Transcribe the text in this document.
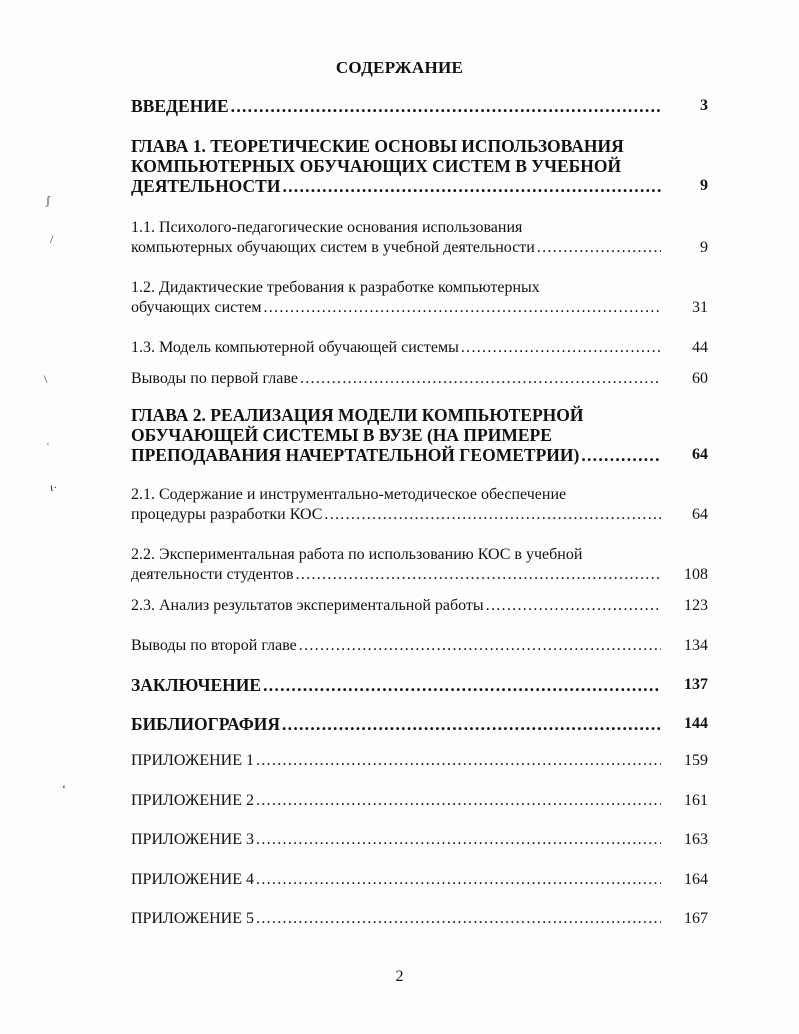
СОДЕРЖАНИЕ
ВВЕДЕНИЕ .....	3
ГЛАВА 1. ТЕОРЕТИЧЕСКИЕ ОСНОВЫ ИСПОЛЬЗОВАНИЯ
КОМПЬЮТЕРНЫХ ОБУЧАЮЩИХ СИСТЕМ В УЧЕБНОЙ
ДЕЯТЕЛЬНОСТИ .....	9
1.1. Психолого-педагогические основания использования
компьютерных обучающих систем в учебной деятельности .....	9
1.2. Дидактические требования к разработке компьютерных
обучающих систем .....	31
1.3. Модель компьютерной обучающей системы .....	44
Выводы по первой главе .....	60
ГЛАВА 2. РЕАЛИЗАЦИЯ МОДЕЛИ КОМПЬЮТЕРНОЙ
ОБУЧАЮЩЕЙ СИСТЕМЫ В ВУЗЕ (НА ПРИМЕРЕ
ПРЕПОДАВАНИЯ НАЧЕРТАТЕЛЬНОЙ ГЕОМЕТРИИ) .....	64
2.1. Содержание и инструментально-методическое обеспечение
процедуры разработки КОС .....	64
2.2. Экспериментальная работа по использованию КОС в учебной
деятельности студентов .....	108
2.3. Анализ результатов экспериментальной работы .....	123
Выводы по второй главе .....	134
ЗАКЛЮЧЕНИЕ .....	137
БИБЛИОГРАФИЯ .....	144
ПРИЛОЖЕНИЕ 1 .....	159
ПРИЛОЖЕНИЕ 2 .....	161
ПРИЛОЖЕНИЕ 3 .....	163
ПРИЛОЖЕНИЕ 4 .....	164
ПРИЛОЖЕНИЕ 5 .....	167
2
ʃ
/
\
ʿ
ɩ·
ʻ
